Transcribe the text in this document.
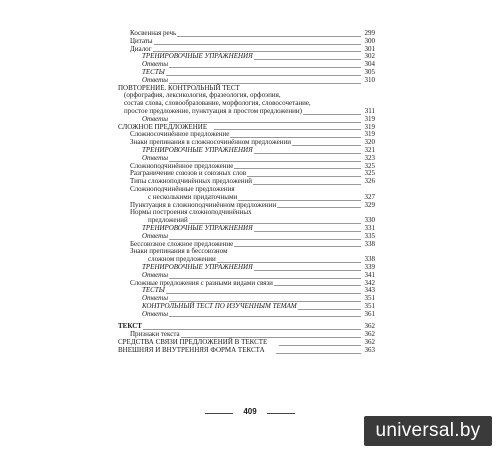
Косвенная речь	299
Цитаты	300
Диалог	301
ТРЕНИРОВОЧНЫЕ УПРАЖНЕНИЯ	302
Ответы	304
ТЕСТЫ	305
Ответы	310
ПОВТОРЕНИЕ. КОНТРОЛЬНЫЙ ТЕСТ
(орфография, лексикология, фразеология, орфоэпия,
состав слова, словообразование, морфология, словосочетание,
простое предложение, пунктуация в простом предложении)	311
Ответы	319
СЛОЖНОЕ ПРЕДЛОЖЕНИЕ	319
Сложносочинённое предложение	319
Знаки препинания в сложносочинённом предложении	320
ТРЕНИРОВОЧНЫЕ УПРАЖНЕНИЯ	321
Ответы	323
Сложноподчинённое предложение	325
Разграничение союзов и союзных слов	325
Типы сложноподчинённых предложений	326
Сложноподчинённые предложения
с несколькими придаточными	327
Пунктуация в сложноподчинённом предложении	329
Нормы построения сложноподчинённых
предложений	330
ТРЕНИРОВОЧНЫЕ УПРАЖНЕНИЯ	331
Ответы	335
Бессоюзное сложное предложение	338
Знаки препинания в бессоюзном
сложном предложении	338
ТРЕНИРОВОЧНЫЕ УПРАЖНЕНИЯ	339
Ответы	341
Сложные предложения с разными видами связи	342
ТЕСТЫ	343
Ответы	351
КОНТРОЛЬНЫЙ ТЕСТ ПО ИЗУЧЕННЫМ ТЕМАМ	351
Ответы	361
ТЕКСТ	362
Признаки текста	362
СРЕДСТВА СВЯЗИ ПРЕДЛОЖЕНИЙ В ТЕКСТЕ	362
ВНЕШНЯЯ И ВНУТРЕННЯЯ ФОРМА ТЕКСТА	363
409
universal.by
